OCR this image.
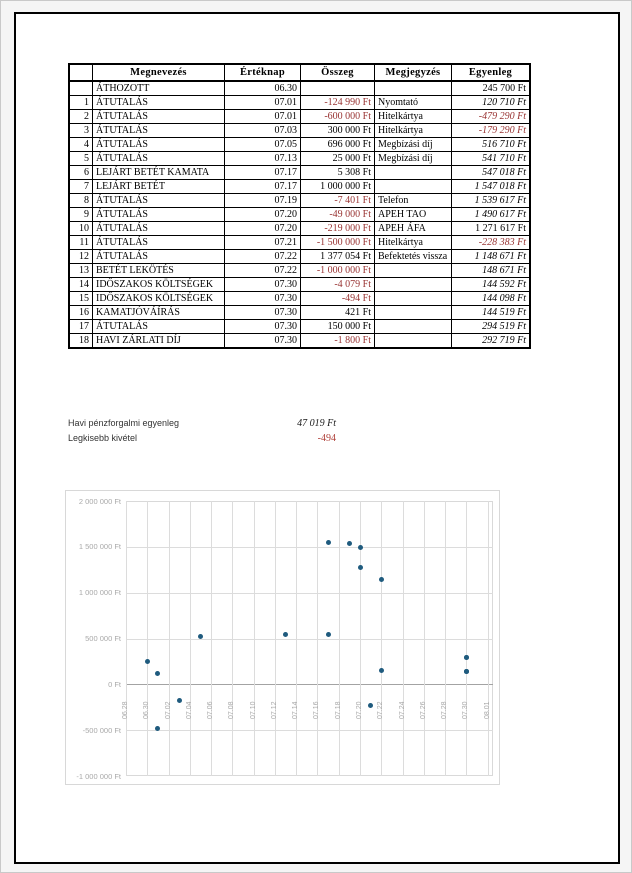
	Megnevezés	Értéknap	Összeg	Megjegyzés	Egyenleg
	ÁTHOZOTT	06.30			245 700 Ft
1	ÁTUTALÁS	07.01	-124 990 Ft	Nyomtató	120 710 Ft
2	ÁTUTALÁS	07.01	-600 000 Ft	Hitelkártya	-479 290 Ft
3	ÁTUTALÁS	07.03	300 000 Ft	Hitelkártya	-179 290 Ft
4	ÁTUTALÁS	07.05	696 000 Ft	Megbízási díj	516 710 Ft
5	ÁTUTALÁS	07.13	25 000 Ft	Megbízási díj	541 710 Ft
6	LEJÁRT BETÉT KAMATA	07.17	5 308 Ft		547 018 Ft
7	LEJÁRT BETÉT	07.17	1 000 000 Ft		1 547 018 Ft
8	ÁTUTALÁS	07.19	-7 401 Ft	Telefon	1 539 617 Ft
9	ÁTUTALÁS	07.20	-49 000 Ft	APEH TAO	1 490 617 Ft
10	ÁTUTALÁS	07.20	-219 000 Ft	APEH ÁFA	1 271 617 Ft
11	ÁTUTALÁS	07.21	-1 500 000 Ft	Hitelkártya	-228 383 Ft
12	ÁTUTALÁS	07.22	1 377 054 Ft	Befektetés vissza	1 148 671 Ft
13	BETÉT LEKÖTÉS	07.22	-1 000 000 Ft		148 671 Ft
14	IDŐSZAKOS KÖLTSÉGEK	07.30	-4 079 Ft		144 592 Ft
15	IDŐSZAKOS KÖLTSÉGEK	07.30	-494 Ft		144 098 Ft
16	KAMATJÓVÁÍRÁS	07.30	421 Ft		144 519 Ft
17	ÁTUTALÁS	07.30	150 000 Ft		294 519 Ft
18	HAVI ZÁRLATI DÍJ	07.30	-1 800 Ft		292 719 Ft
Havi pénzforgalmi egyenleg	47 019 Ft
Legkisebb kivétel	-494
2 000 000 Ft
1 500 000 Ft
1 000 000 Ft
500 000 Ft
0 Ft
-500 000 Ft
-1 000 000 Ft
06.28	06.30	07.02	07.04	07.06	07.08	07.10	07.12	07.14	07.16	07.18	07.20	07.22	07.24	07.26	07.28	07.30	08.01
